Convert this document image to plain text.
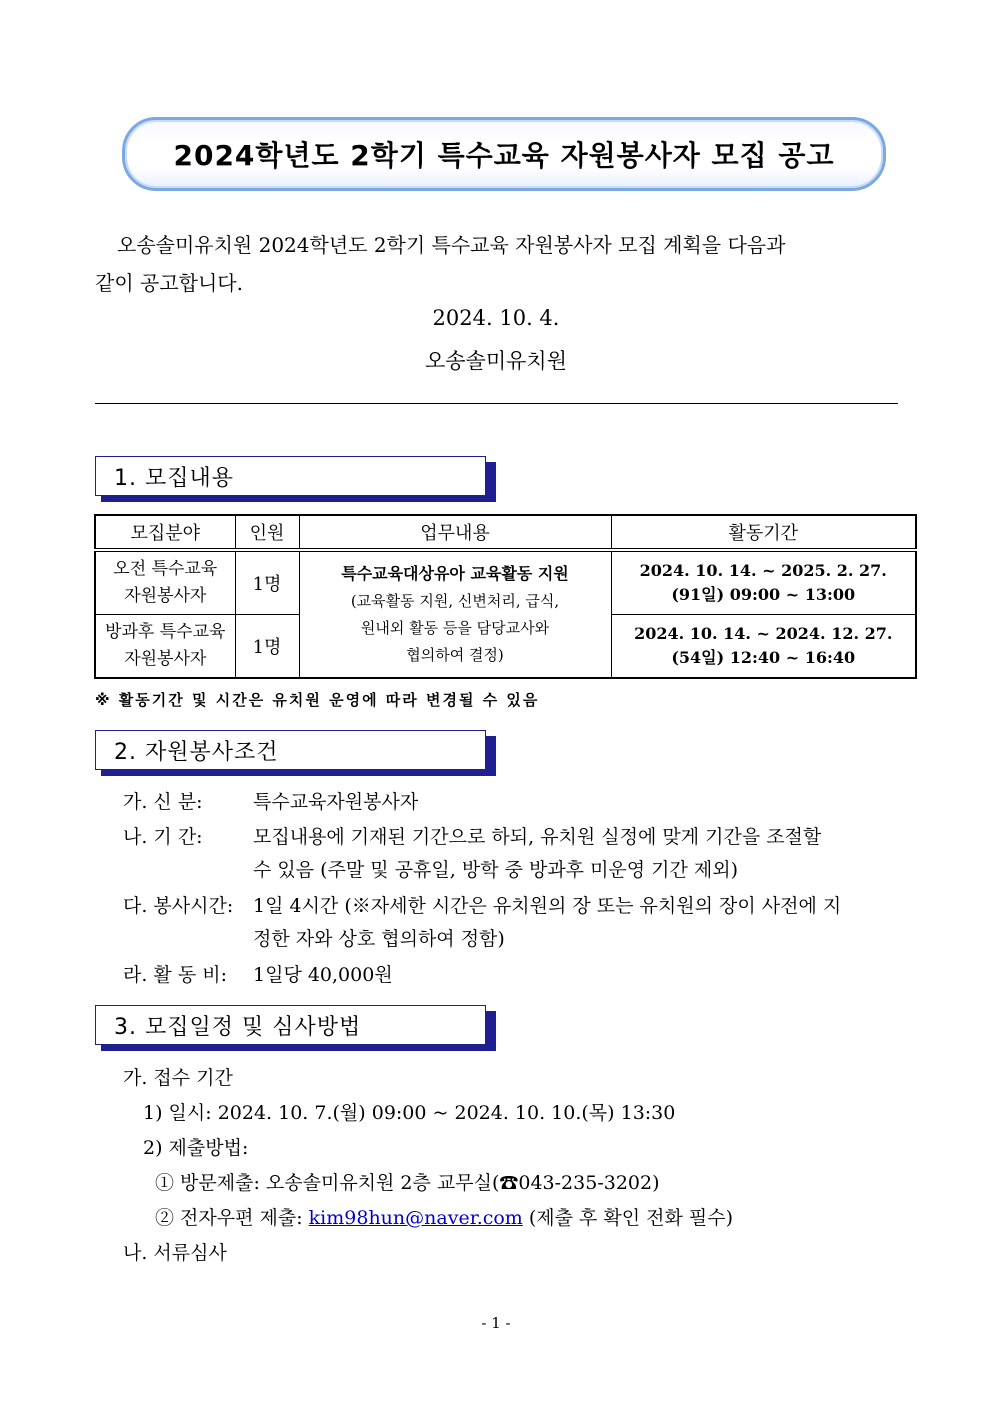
2024학년도 2학기 특수교육 자원봉사자 모집 공고
오송솔미유치원 2024학년도 2학기 특수교육 자원봉사자 모집 계획을 다음과
같이 공고합니다.
2024. 10. 4.
오송솔미유치원
1. 모집내용
모집분야	인원	업무내용	활동기간
오전 특수교육
자원봉사자	1명	특수교육대상유아 교육활동 지원
(교육활동 지원, 신변처리, 급식,
원내외 활동 등을 담당교사와
협의하여 결정)	2024. 10. 14. ~ 2025. 2. 27.
(91일) 09:00 ~ 13:00
방과후 특수교육
자원봉사자	1명		2024. 10. 14. ~ 2024. 12. 27.
(54일) 12:40 ~ 16:40
※ 활동기간 및 시간은 유치원 운영에 따라 변경될 수 있음
2. 자원봉사조건
가. 신 분:	특수교육자원봉사자
나. 기 간:	모집내용에 기재된 기간으로 하되, 유치원 실정에 맞게 기간을 조절할
수 있음 (주말 및 공휴일, 방학 중 방과후 미운영 기간 제외)
다. 봉사시간: 1일 4시간 (※자세한 시간은 유치원의 장 또는 유치원의 장이 사전에 지
정한 자와 상호 협의하여 정함)
라. 활 동 비: 1일당 40,000원
3. 모집일정 및 심사방법
가. 접수 기간
1) 일시: 2024. 10. 7.(월) 09:00 ~ 2024. 10. 10.(목) 13:30
2) 제출방법:
① 방문제출: 오송솔미유치원 2층 교무실(☎043-235-3202)
② 전자우편 제출: kim98hun@naver.com (제출 후 확인 전화 필수)
나. 서류심사
- 1 -
